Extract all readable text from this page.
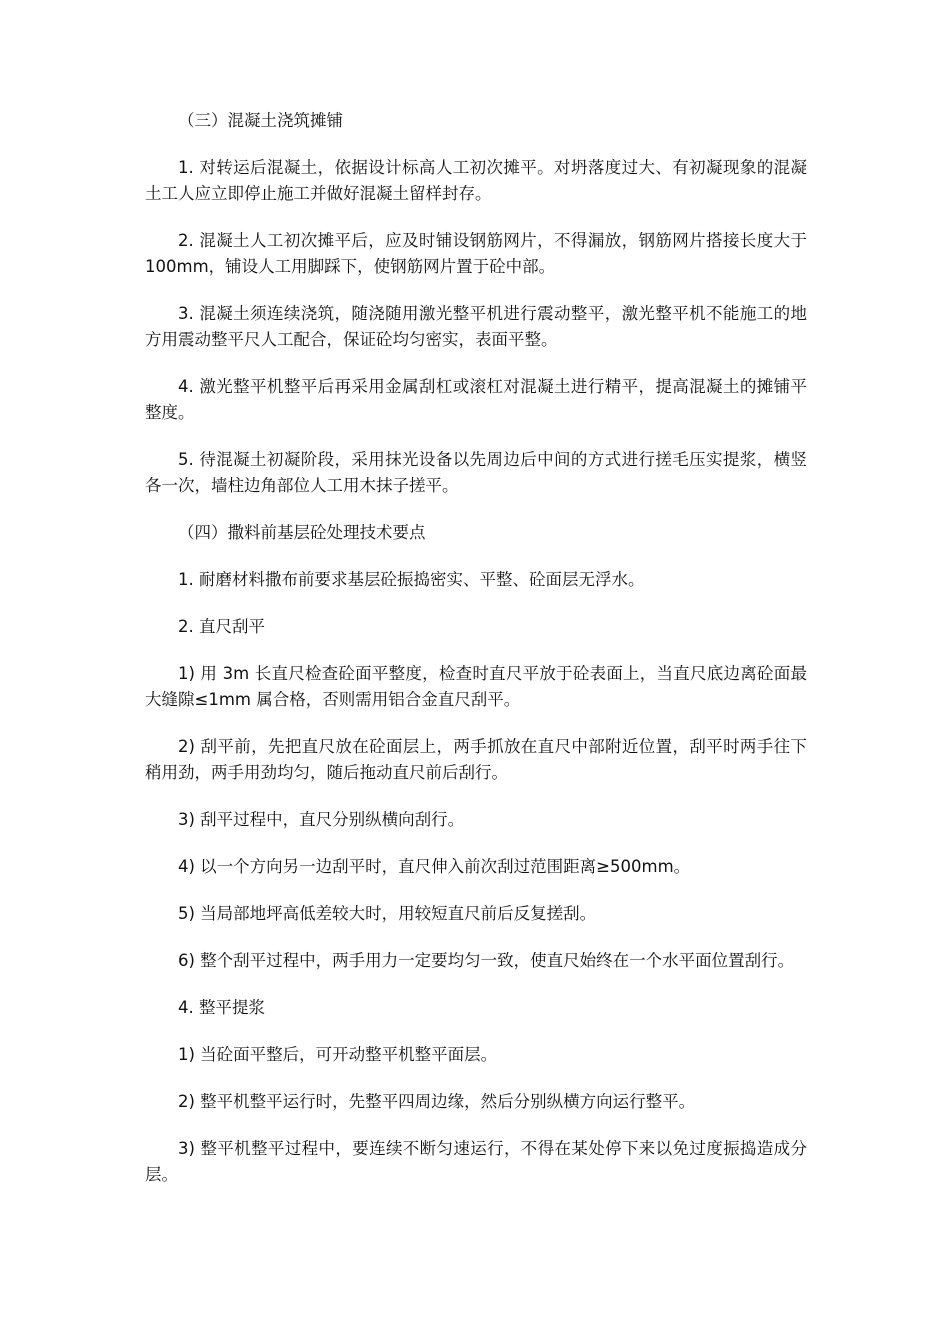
（三）混凝土浇筑摊铺

1. 对转运后混凝土，依据设计标高人工初次摊平。对坍落度过大、有初凝现象的混凝土工人应立即停止施工并做好混凝土留样封存。

2. 混凝土人工初次摊平后，应及时铺设钢筋网片，不得漏放，钢筋网片搭接长度大于 100mm，铺设人工用脚踩下，使钢筋网片置于砼中部。

3. 混凝土须连续浇筑，随浇随用激光整平机进行震动整平，激光整平机不能施工的地方用震动整平尺人工配合，保证砼均匀密实，表面平整。

4. 激光整平机整平后再采用金属刮杠或滚杠对混凝土进行精平，提高混凝土的摊铺平整度。

5. 待混凝土初凝阶段，采用抹光设备以先周边后中间的方式进行搓毛压实提浆，横竖各一次，墙柱边角部位人工用木抹子搓平。

（四）撒料前基层砼处理技术要点

1. 耐磨材料撒布前要求基层砼振捣密实、平整、砼面层无浮水。

2. 直尺刮平

1) 用 3m 长直尺检查砼面平整度，检查时直尺平放于砼表面上，当直尺底边离砼面最大缝隙≤1mm 属合格，否则需用铝合金直尺刮平。

2) 刮平前，先把直尺放在砼面层上，两手抓放在直尺中部附近位置，刮平时两手往下稍用劲，两手用劲均匀，随后拖动直尺前后刮行。

3) 刮平过程中，直尺分别纵横向刮行。

4) 以一个方向另一边刮平时，直尺伸入前次刮过范围距离≥500mm。

5) 当局部地坪高低差较大时，用较短直尺前后反复搓刮。

6) 整个刮平过程中，两手用力一定要均匀一致，使直尺始终在一个水平面位置刮行。

4. 整平提浆

1) 当砼面平整后，可开动整平机整平面层。

2) 整平机整平运行时，先整平四周边缘，然后分别纵横方向运行整平。

3) 整平机整平过程中，要连续不断匀速运行，不得在某处停下来以免过度振捣造成分层。
